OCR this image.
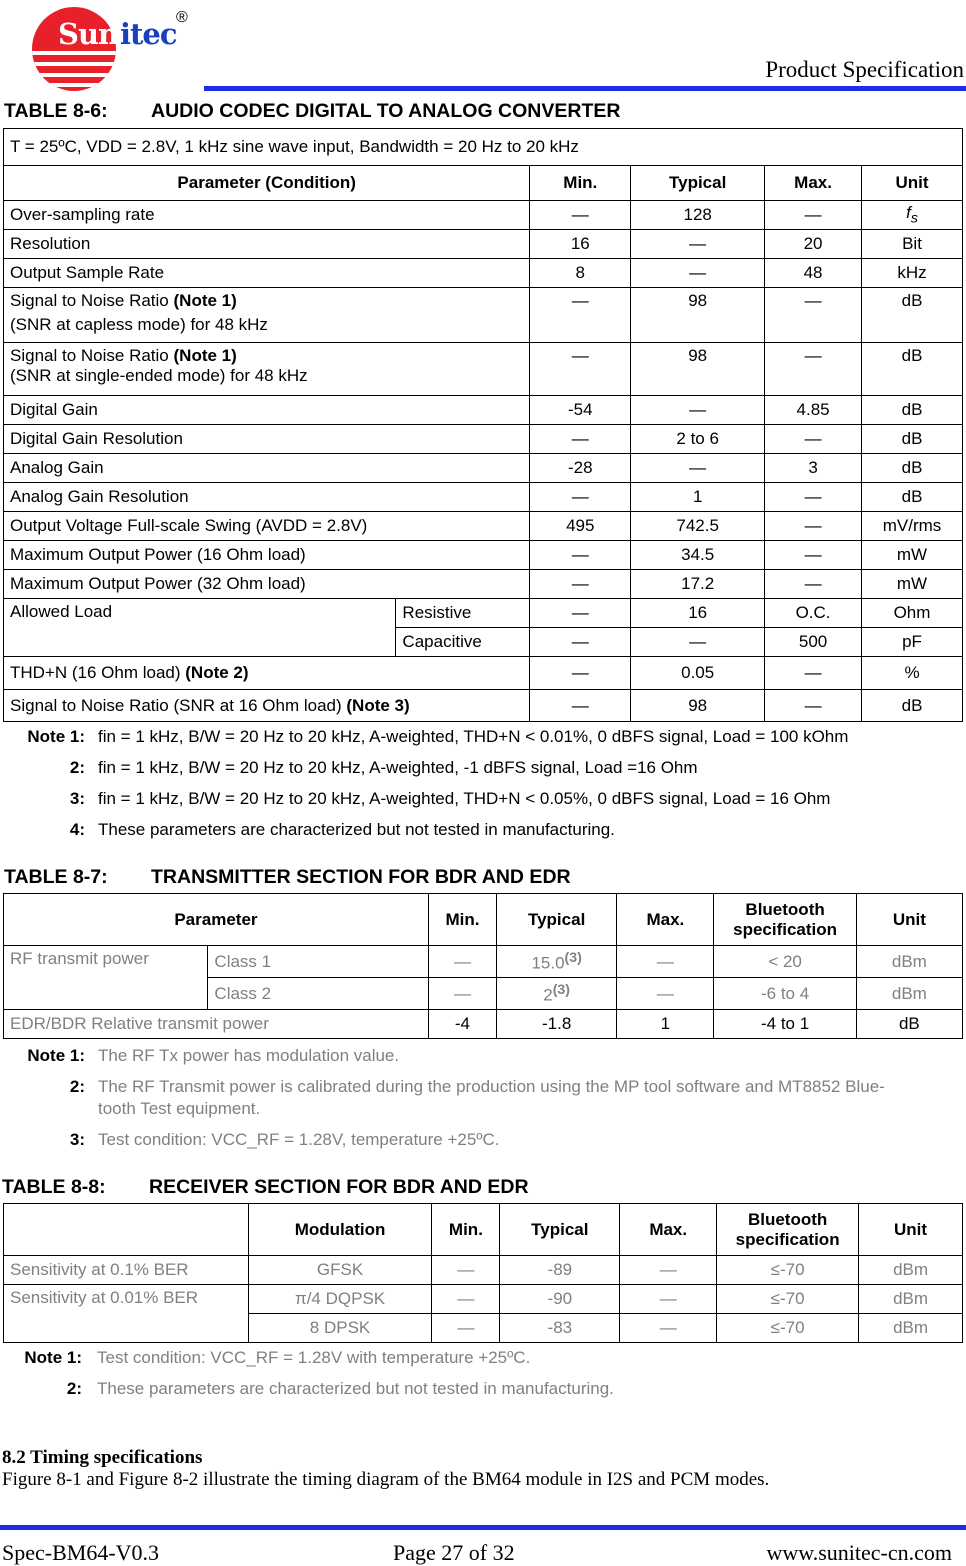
Sun itec ®
Product Specification
TABLE 8-6: AUDIO CODEC DIGITAL TO ANALOG CONVERTER
T = 25ºC, VDD = 2.8V, 1 kHz sine wave input, Bandwidth = 20 Hz to 20 kHz					
Parameter (Condition)		Min.	Typical	Max.	Unit
Over-sampling rate		—	128	—	$f_s$
Resolution		16	—	20	Bit
Output Sample Rate		8	—	48	kHz

Signal to Noise Ratio (Note 1)
(SNR at capless mode) for 48 kHz		—	98	—	dB

Signal to Noise Ratio (Note 1)
(SNR at single-ended mode) for 48 kHz		—	98	—	dB
Digital Gain		-54	—	4.85	dB
Digital Gain Resolution		—	2 to 6	—	dB
Analog Gain		-28	—	3	dB
Analog Gain Resolution		—	1	—	dB
Output Voltage Full-scale Swing (AVDD = 2.8V)		495	742.5	—	mV/rms
Maximum Output Power (16 Ohm load)		—	34.5	—	mW
Maximum Output Power (32 Ohm load)		—	17.2	—	mW
Allowed Load	Resistive	—	16	O.C.	Ohm
	Capacitive	—	—	500	pF
THD+N (16 Ohm load) (Note 2)		—	0.05	—	%
Signal to Noise Ratio (SNR at 16 Ohm load) (Note 3)		—	98	—	dB
Note 1: fin = 1 kHz, B/W = 20 Hz to 20 kHz, A-weighted, THD+N < 0.01%, 0 dBFS signal, Load = 100 kOhm
2: fin = 1 kHz, B/W = 20 Hz to 20 kHz, A-weighted, -1 dBFS signal, Load =16 Ohm
3: fin = 1 kHz, B/W = 20 Hz to 20 kHz, A-weighted, THD+N < 0.05%, 0 dBFS signal, Load = 16 Ohm
4: These parameters are characterized but not tested in manufacturing.
TABLE 8-7: TRANSMITTER SECTION FOR BDR AND EDR
Parameter		Min.	Typical	Max.	Bluetooth specification	Unit
RF transmit power	Class 1	—	15.0$^{(3)}$	—	< 20	dBm
	Class 2	—	2$^{(3)}$	—	-6 to 4	dBm
EDR/BDR Relative transmit power		-4	-1.8	1	-4 to 1	dB
Note 1: The RF Tx power has modulation value.
2: The RF Transmit power is calibrated during the production using the MP tool software and MT8852 Blue-
tooth Test equipment.
3: Test condition: VCC_RF = 1.28V, temperature +25ºC.
TABLE 8-8: RECEIVER SECTION FOR BDR AND EDR
	Modulation	Min.	Typical	Max.	Bluetooth specification	Unit
Sensitivity at 0.1% BER	GFSK	—	-89	—	≤-70	dBm
Sensitivity at 0.01% BER	π/4 DQPSK	—	-90	—	≤-70	dBm
	8 DPSK	—	-83	—	≤-70	dBm
Note 1: Test condition: VCC_RF = 1.28V with temperature +25ºC.
2: These parameters are characterized but not tested in manufacturing.
8.2 Timing specifications
Figure 8-1 and Figure 8-2 illustrate the timing diagram of the BM64 module in I2S and PCM modes.
Spec-BM64-V0.3	Page 27 of 32	www.sunitec-cn.com
